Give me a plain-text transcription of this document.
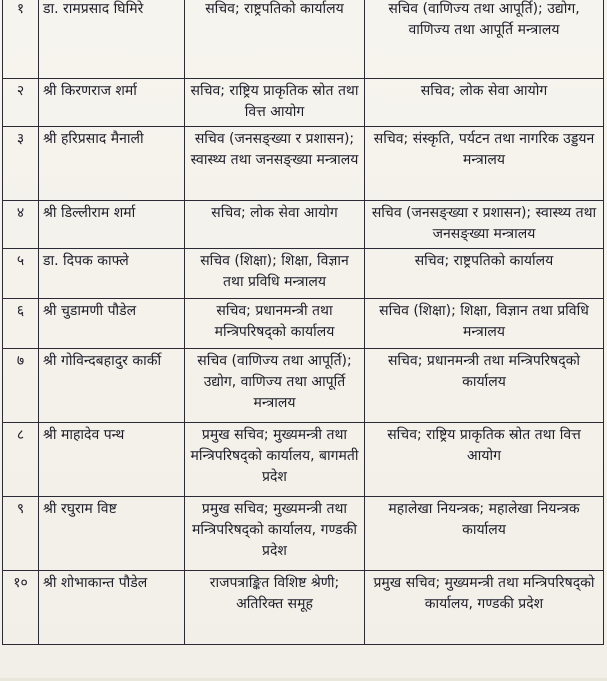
१	डा. रामप्रसाद घिमिरे	सचिव; राष्ट्रपतिको कार्यालय	सचिव (वाणिज्य तथा आपूर्ति); उद्योग, वाणिज्य तथा आपूर्ति मन्त्रालय
२	श्री किरणराज शर्मा	सचिव; राष्ट्रिय प्राकृतिक स्रोत तथा वित्त आयोग	सचिव; लोक सेवा आयोग
३	श्री हरिप्रसाद मैनाली	सचिव (जनसङ्ख्या र प्रशासन); स्वास्थ्य तथा जनसङ्ख्या मन्त्रालय	सचिव; संस्कृति, पर्यटन तथा नागरिक उड्डयन मन्त्रालय
४	श्री डिल्लीराम शर्मा	सचिव; लोक सेवा आयोग	सचिव (जनसङ्ख्या र प्रशासन); स्वास्थ्य तथा जनसङ्ख्या मन्त्रालय
५	डा. दिपक काफ्ले	सचिव (शिक्षा); शिक्षा, विज्ञान तथा प्रविधि मन्त्रालय	सचिव; राष्ट्रपतिको कार्यालय
६	श्री चुडामणी पौडेल	सचिव; प्रधानमन्त्री तथा मन्त्रिपरिषद्को कार्यालय	सचिव (शिक्षा); शिक्षा, विज्ञान तथा प्रविधि मन्त्रालय
७	श्री गोविन्दबहादुर कार्की	सचिव (वाणिज्य तथा आपूर्ति); उद्योग, वाणिज्य तथा आपूर्ति मन्त्रालय	सचिव; प्रधानमन्त्री तथा मन्त्रिपरिषद्को कार्यालय
८	श्री माहादेव पन्थ	प्रमुख सचिव; मुख्यमन्त्री तथा मन्त्रिपरिषद्को कार्यालय, बागमती प्रदेश	सचिव; राष्ट्रिय प्राकृतिक स्रोत तथा वित्त आयोग
९	श्री रघुराम विष्ट	प्रमुख सचिव; मुख्यमन्त्री तथा मन्त्रिपरिषद्को कार्यालय, गण्डकी प्रदेश	महालेखा नियन्त्रक; महालेखा नियन्त्रक कार्यालय
१०	श्री शोभाकान्त पौडेल	राजपत्राङ्कित विशिष्ट श्रेणी; अतिरिक्त समूह	प्रमुख सचिव; मुख्यमन्त्री तथा मन्त्रिपरिषद्को कार्यालय, गण्डकी प्रदेश
